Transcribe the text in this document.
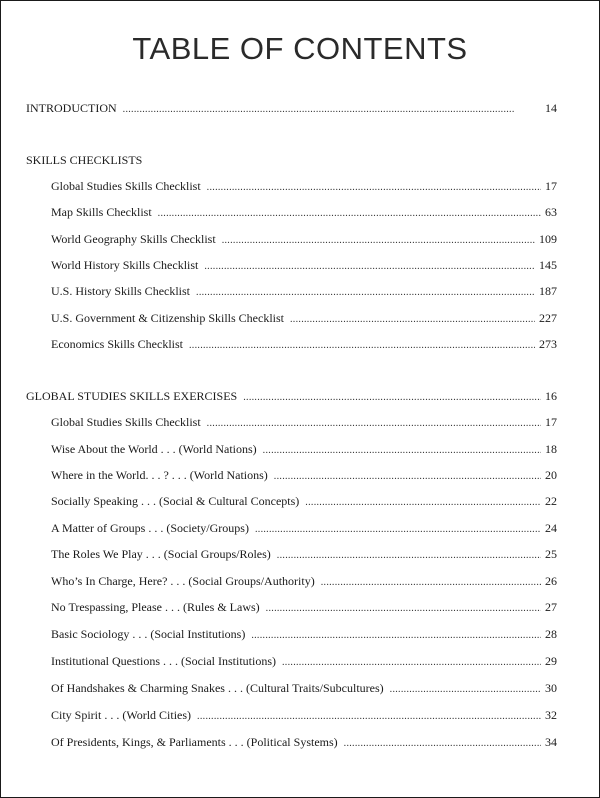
TABLE OF CONTENTS
INTRODUCTION . . .	14
SKILLS CHECKLISTS
Global Studies Skills Checklist . . .	17
Map Skills Checklist . . .	63
World Geography Skills Checklist . . .	109
World History Skills Checklist . . .	145
U.S. History Skills Checklist . . .	187
U.S. Government & Citizenship Skills Checklist . . .	227
Economics Skills Checklist . . .	273
GLOBAL STUDIES SKILLS EXERCISES . . .	16
Global Studies Skills Checklist . . .	17
Wise About the World . . . (World Nations) . . .	18
Where in the World. . . ? . . . (World Nations) . . .	20
Socially Speaking . . . (Social & Cultural Concepts) . . .	22
A Matter of Groups . . . (Society/Groups) . . .	24
The Roles We Play . . . (Social Groups/Roles) . . .	25
Who’s In Charge, Here? . . . (Social Groups/Authority) . . .	26
No Trespassing, Please . . . (Rules & Laws) . . .	27
Basic Sociology . . . (Social Institutions) . . .	28
Institutional Questions . . . (Social Institutions) . . .	29
Of Handshakes & Charming Snakes . . . (Cultural Traits/Subcultures) . . .	30
City Spirit . . . (World Cities) . . .	32
Of Presidents, Kings, & Parliaments . . . (Political Systems) . . .	34
